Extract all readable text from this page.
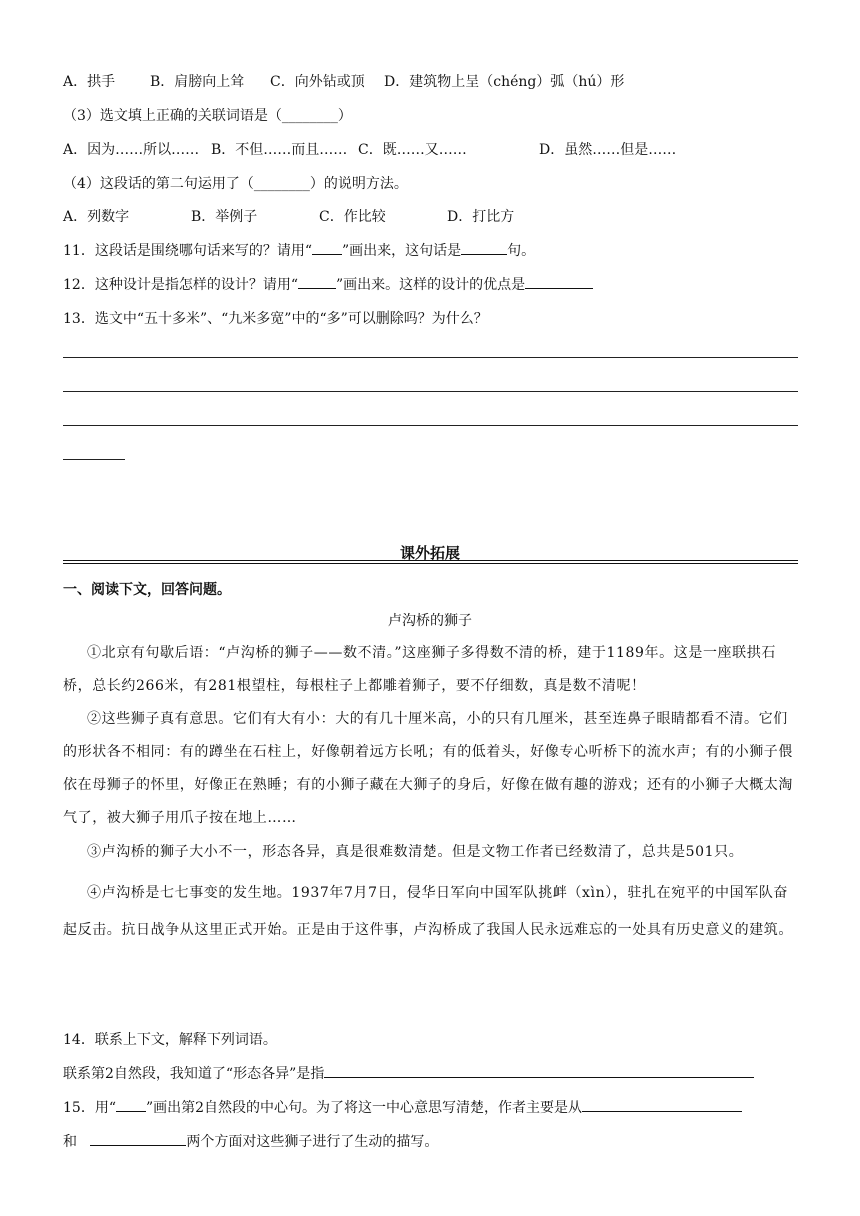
A．拱手 B．肩膀向上耸 C．向外钻或顶 D．建筑物上呈（chéng）弧（hú）形
（3）选文填上正确的关联词语是（________）
A．因为……所以…… B．不但……而且…… C．既……又……	D．虽然……但是……
（4）这段话的第二句运用了（________）的说明方法。
A．列数字	B．举例子	C．作比较	D．打比方
11．这段话是围绕哪句话来写的？请用“ ”画出来，这句话是	句。
12．这种设计是指怎样的设计？请用“	”画出来。这样的设计的优点是
13．选文中“五十多米”、“九米多宽”中的“多”可以删除吗？为什么？
课外拓展
一、阅读下文，回答问题。
卢沟桥的狮子
①北京有句歇后语：“卢沟桥的狮子——数不清。”这座狮子多得数不清的桥，建于1189年。这是一座联拱石桥，总长约266米，有281根望柱，每根柱子上都雕着狮子，要不仔细数，真是数不清呢！
②这些狮子真有意思。它们有大有小：大的有几十厘米高，小的只有几厘米，甚至连鼻子眼睛都看不清。它们的形状各不相同：有的蹲坐在石柱上，好像朝着远方长吼；有的低着头，好像专心听桥下的流水声；有的小狮子偎依在母狮子的怀里，好像正在熟睡；有的小狮子藏在大狮子的身后，好像在做有趣的游戏；还有的小狮子大概太淘气了，被大狮子用爪子按在地上……
③卢沟桥的狮子大小不一，形态各异，真是很难数清楚。但是文物工作者已经数清了，总共是501只。
④卢沟桥是七七事变的发生地。1937年7月7日，侵华日军向中国军队挑衅（xìn），驻扎在宛平的中国军队奋起反击。抗日战争从这里正式开始。正是由于这件事，卢沟桥成了我国人民永远难忘的一处具有历史意义的建筑。
14．联系上下文，解释下列词语。
联系第2自然段，我知道了“形态各异”是指
15．用“ ”画出第2自然段的中心句。为了将这一中心意思写清楚，作者主要是从
和	两个方面对这些狮子进行了生动的描写。
